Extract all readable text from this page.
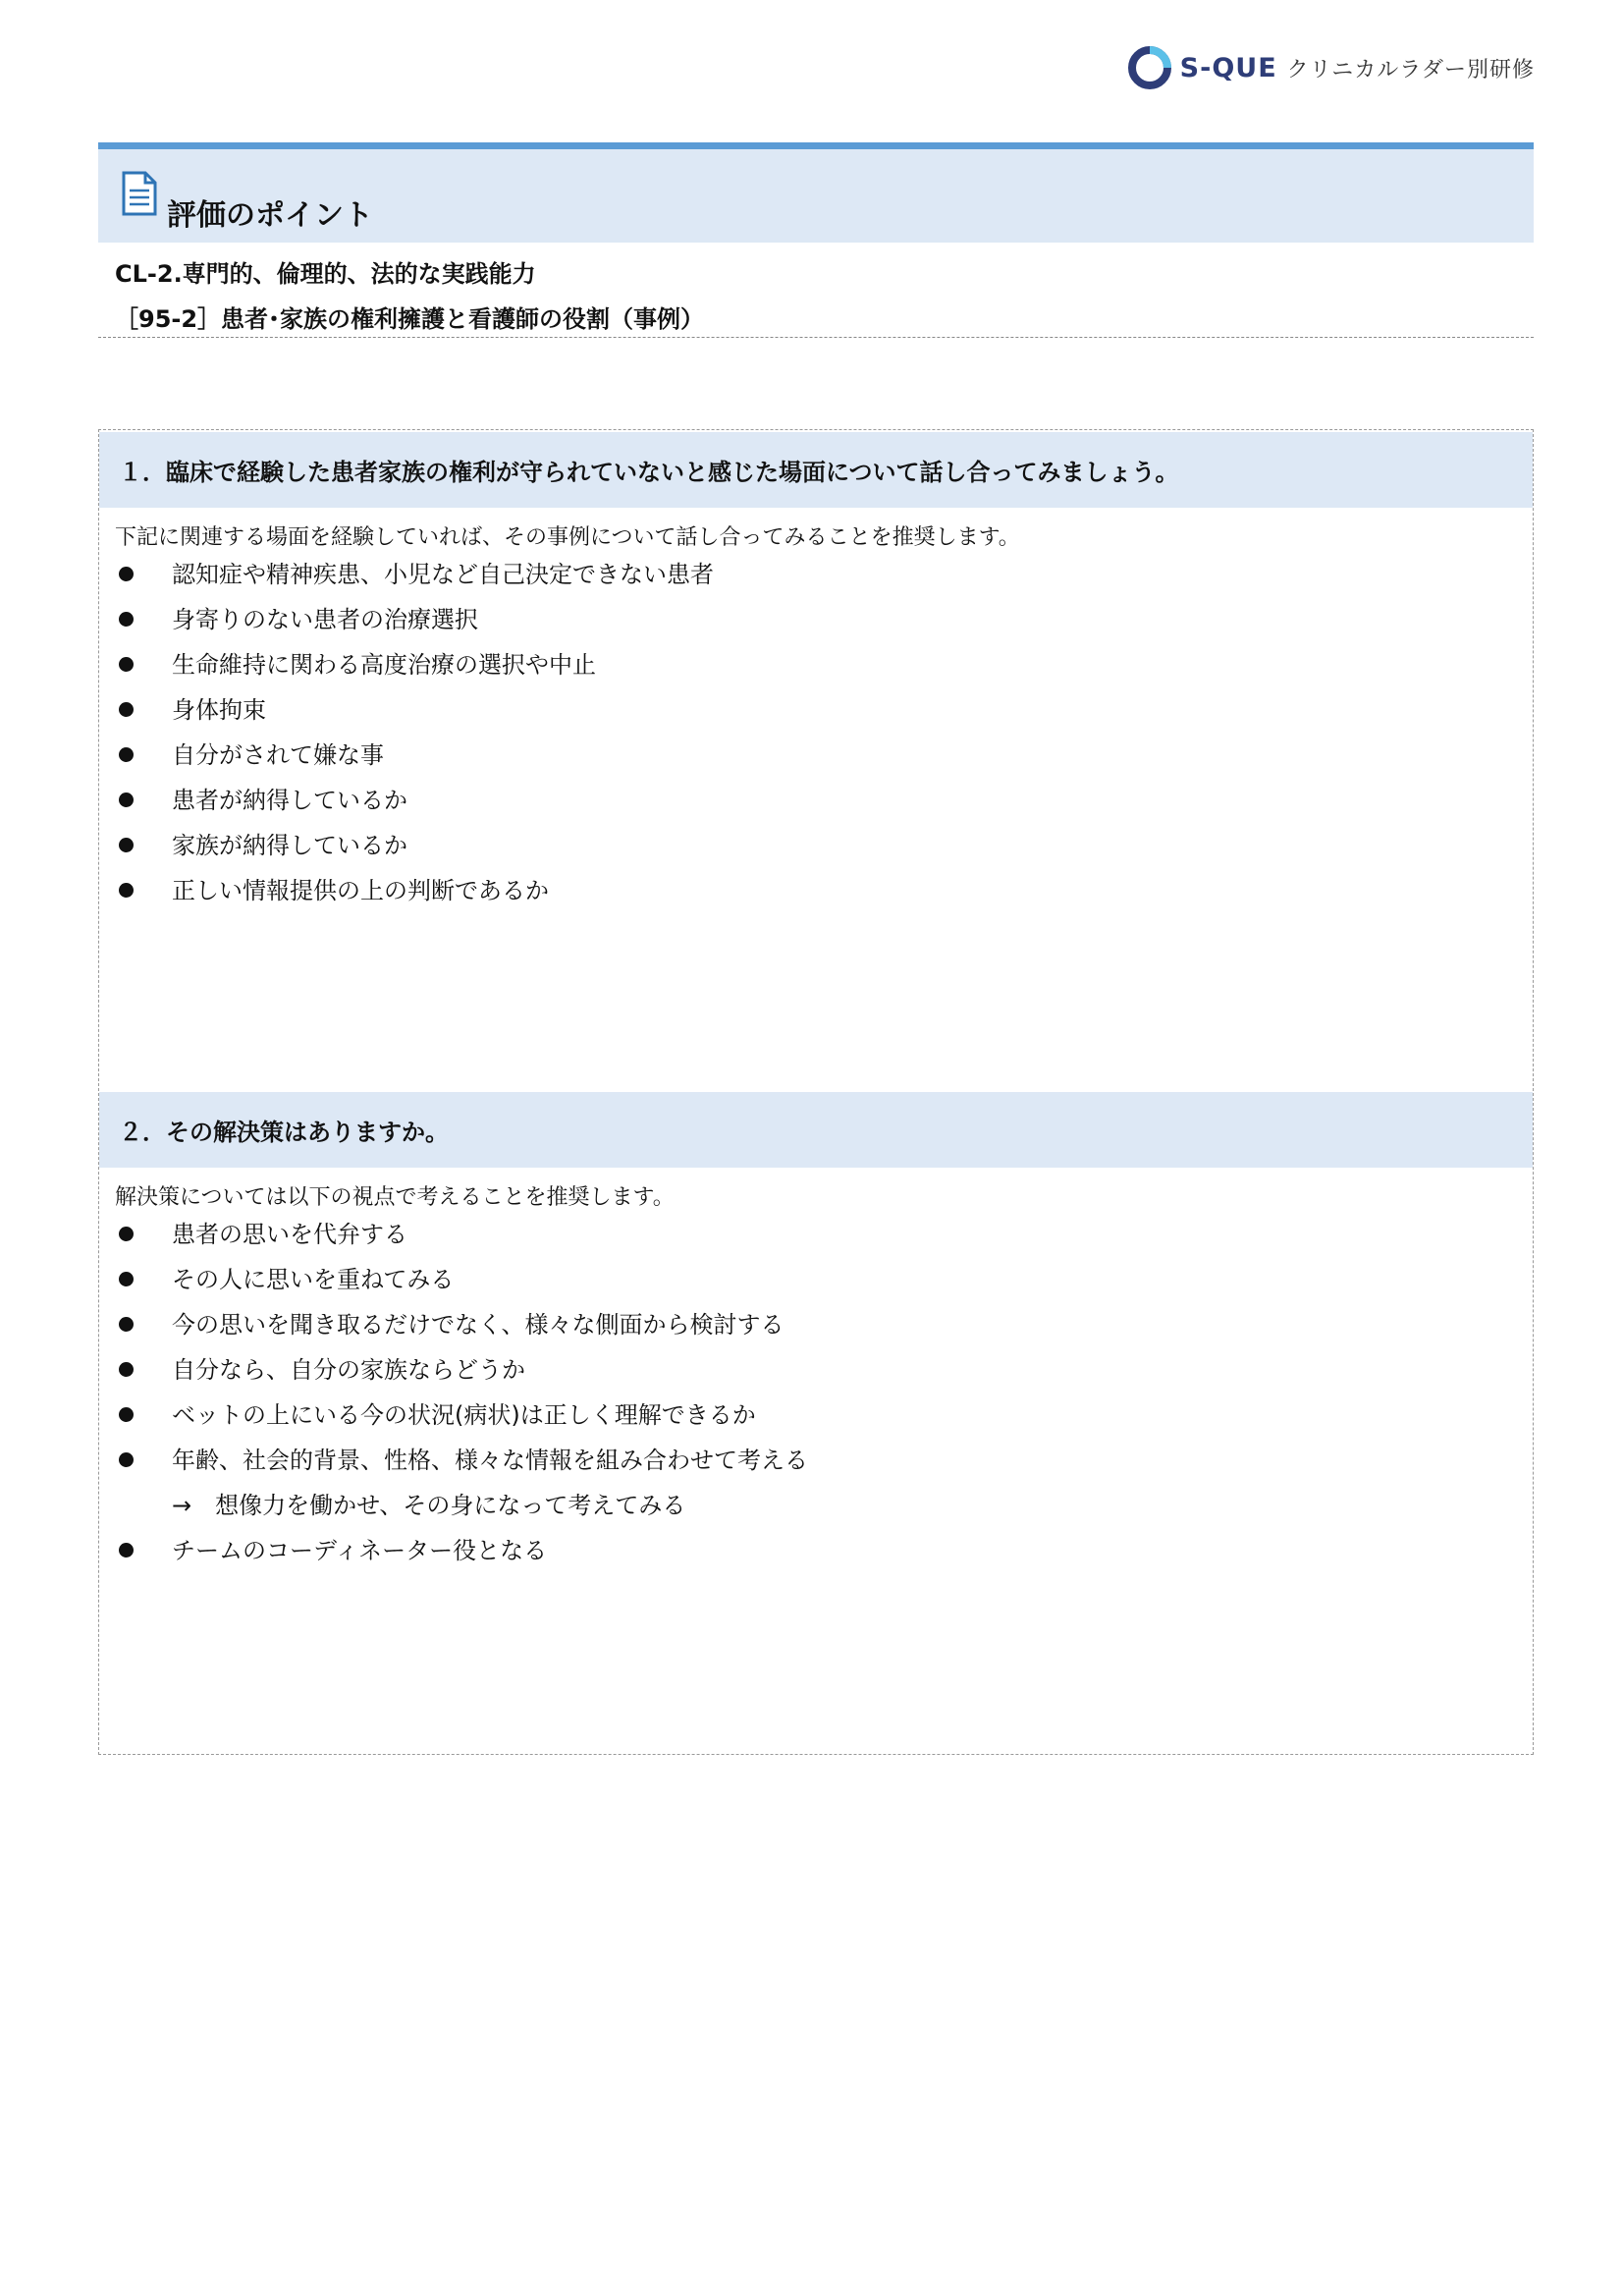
S-QUE クリニカルラダー別研修
評価のポイント
CL-2.専門的、倫理的、法的な実践能力
［95-2］患者･家族の権利擁護と看護師の役割（事例）
１．臨床で経験した患者家族の権利が守られていないと感じた場面について話し合ってみましょう。
下記に関連する場面を経験していれば、その事例について話し合ってみることを推奨します。
認知症や精神疾患、小児など自己決定できない患者
身寄りのない患者の治療選択
生命維持に関わる高度治療の選択や中止
身体拘束
自分がされて嫌な事
患者が納得しているか
家族が納得しているか
正しい情報提供の上の判断であるか
２．その解決策はありますか。
解決策については以下の視点で考えることを推奨します。
患者の思いを代弁する
その人に思いを重ねてみる
今の思いを聞き取るだけでなく、様々な側面から検討する
自分なら、自分の家族ならどうか
ベットの上にいる今の状況(病状)は正しく理解できるか
年齢、社会的背景、性格、様々な情報を組み合わせて考える
→　想像力を働かせ、その身になって考えてみる
チームのコーディネーター役となる
